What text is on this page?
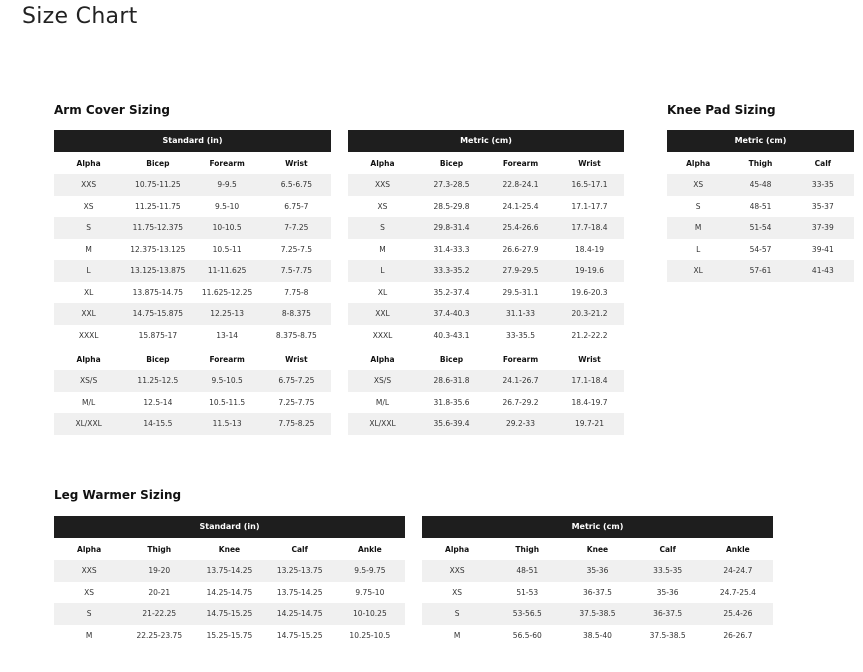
Size Chart
Arm Cover Sizing
Standard (in)
Alpha	Bicep	Forearm	Wrist
XXS	10.75-11.25	9-9.5	6.5-6.75
XS	11.25-11.75	9.5-10	6.75-7
S	11.75-12.375	10-10.5	7-7.25
M	12.375-13.125	10.5-11	7.25-7.5
L	13.125-13.875	11-11.625	7.5-7.75
XL	13.875-14.75	11.625-12.25	7.75-8
XXL	14.75-15.875	12.25-13	8-8.375
XXXL	15.875-17	13-14	8.375-8.75
Alpha	Bicep	Forearm	Wrist
XS/S	11.25-12.5	9.5-10.5	6.75-7.25
M/L	12.5-14	10.5-11.5	7.25-7.75
XL/XXL	14-15.5	11.5-13	7.75-8.25
Metric (cm)
Alpha	Bicep	Forearm	Wrist
XXS	27.3-28.5	22.8-24.1	16.5-17.1
XS	28.5-29.8	24.1-25.4	17.1-17.7
S	29.8-31.4	25.4-26.6	17.7-18.4
M	31.4-33.3	26.6-27.9	18.4-19
L	33.3-35.2	27.9-29.5	19-19.6
XL	35.2-37.4	29.5-31.1	19.6-20.3
XXL	37.4-40.3	31.1-33	20.3-21.2
XXXL	40.3-43.1	33-35.5	21.2-22.2
Alpha	Bicep	Forearm	Wrist
XS/S	28.6-31.8	24.1-26.7	17.1-18.4
M/L	31.8-35.6	26.7-29.2	18.4-19.7
XL/XXL	35.6-39.4	29.2-33	19.7-21
Knee Pad Sizing
Metric (cm)
Alpha	Thigh	Calf
XS	45-48	33-35
S	48-51	35-37
M	51-54	37-39
L	54-57	39-41
XL	57-61	41-43
Leg Warmer Sizing
Standard (in)
Alpha	Thigh	Knee	Calf	Ankle
XXS	19-20	13.75-14.25	13.25-13.75	9.5-9.75
XS	20-21	14.25-14.75	13.75-14.25	9.75-10
S	21-22.25	14.75-15.25	14.25-14.75	10-10.25
M	22.25-23.75	15.25-15.75	14.75-15.25	10.25-10.5
Metric (cm)
Alpha	Thigh	Knee	Calf	Ankle
XXS	48-51	35-36	33.5-35	24-24.7
XS	51-53	36-37.5	35-36	24.7-25.4
S	53-56.5	37.5-38.5	36-37.5	25.4-26
M	56.5-60	38.5-40	37.5-38.5	26-26.7
